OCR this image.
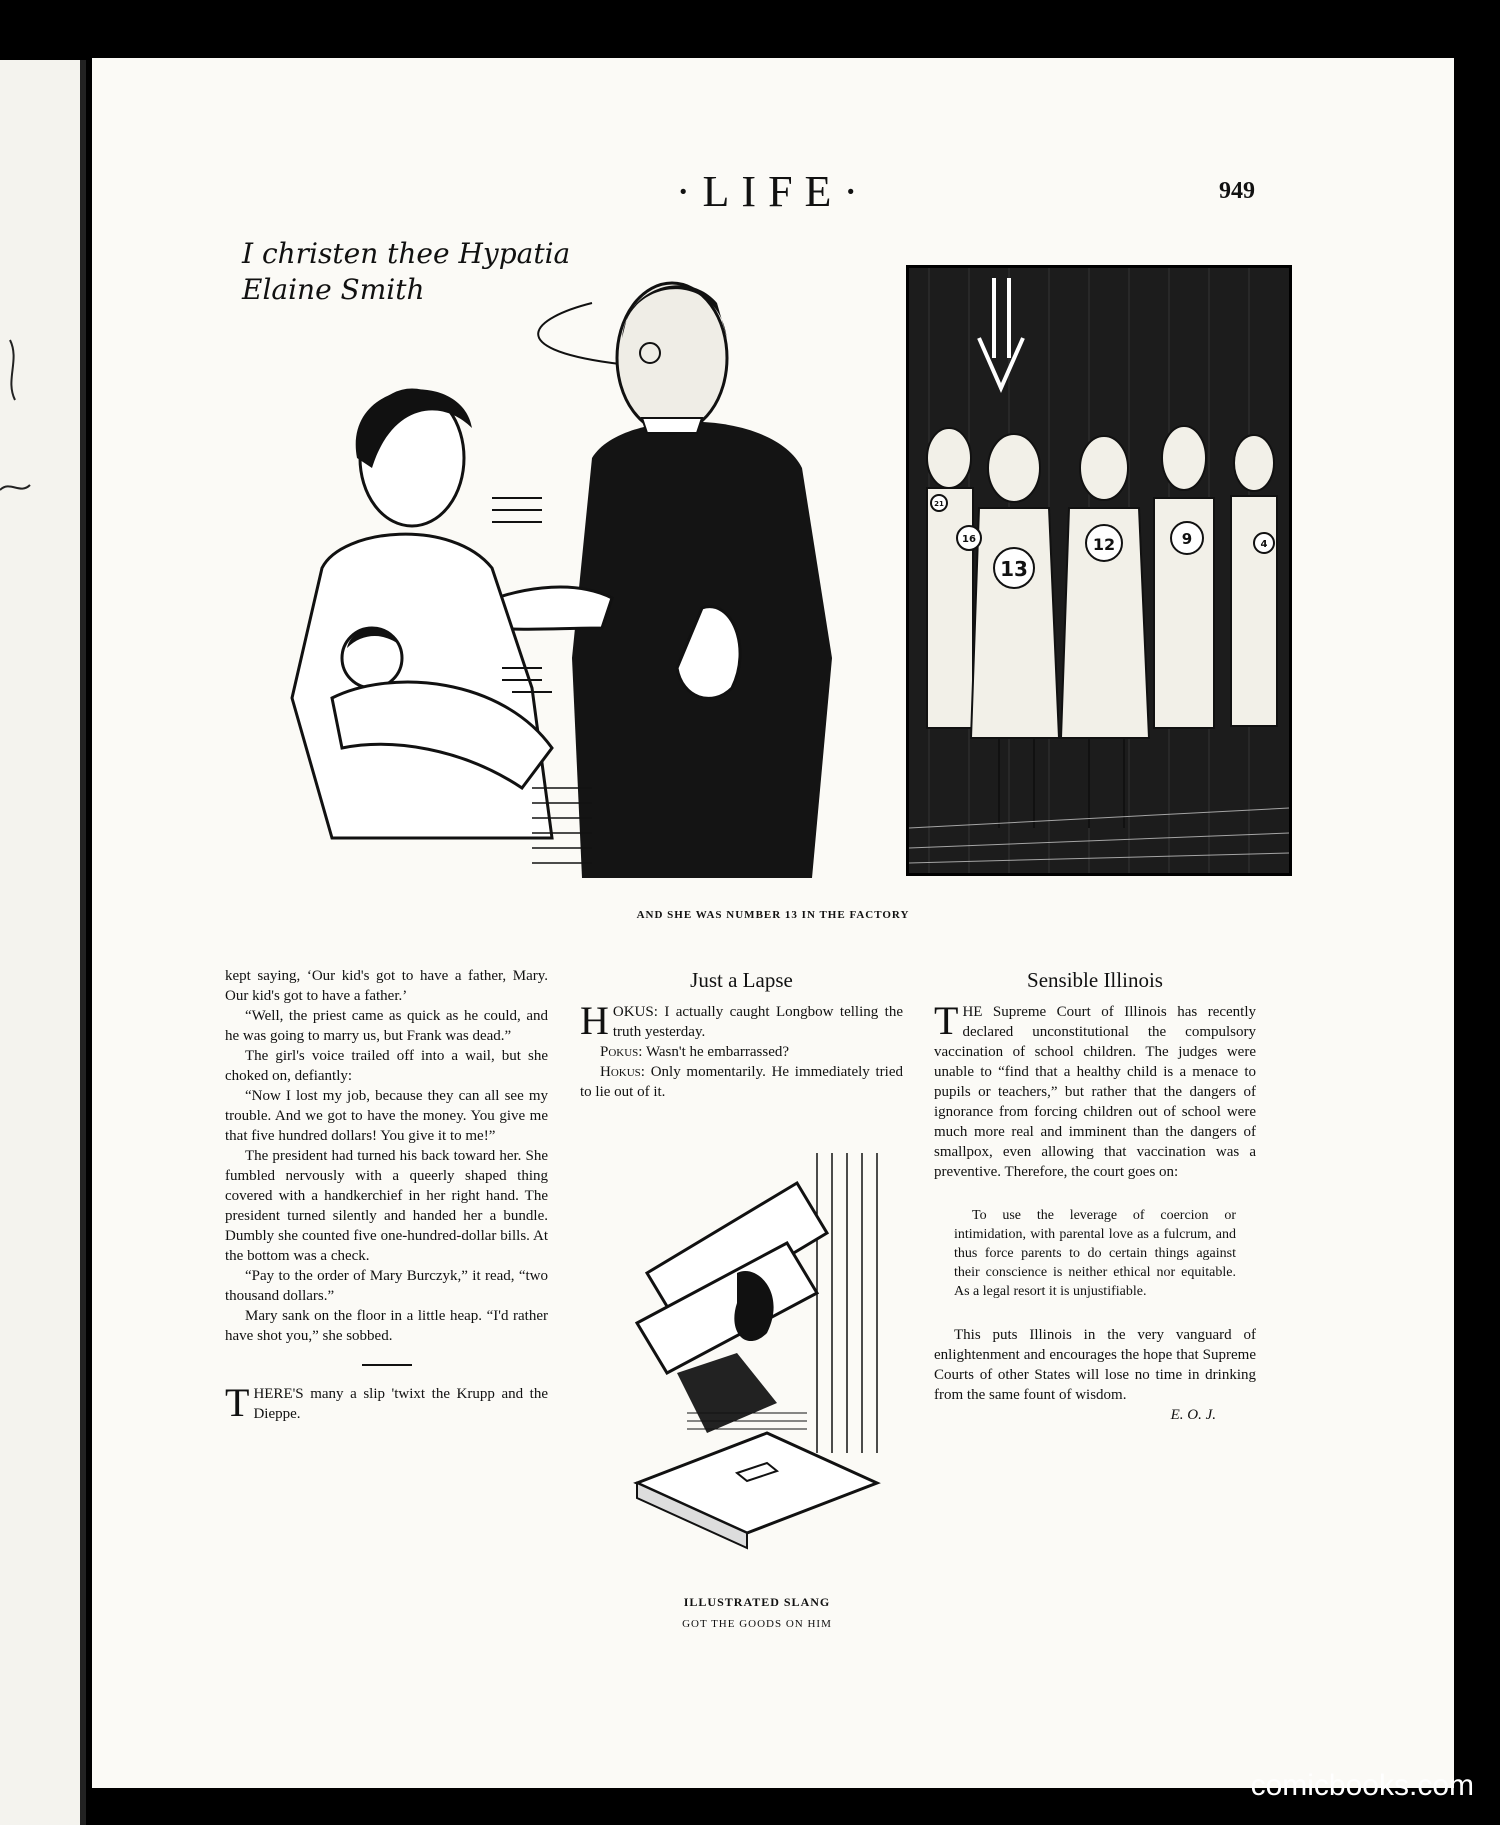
·LIFE·	949
I christen thee Hypatia Elaine Smith
13
12	9
16	4
21
AND SHE WAS NUMBER 13 IN THE FACTORY

kept saying, ‘Our kid's got to have a father, Mary. Our kid's got to have a father.’

“Well, the priest came as quick as he could, and he was going to marry us, but Frank was dead.”

The girl's voice trailed off into a wail, but she choked on, defiantly:

“Now I lost my job, because they can all see my trouble. And we got to have the money. You give me that five hundred dollars! You give it to me!”

The president had turned his back toward her. She fumbled nervously with a queerly shaped thing covered with a handkerchief in her right hand. The president turned silently and handed her a bundle. Dumbly she counted five one-hundred-dollar bills. At the bottom was a check.

“Pay to the order of Mary Burczyk,” it read, “two thousand dollars.”

Mary sank on the floor in a little heap. “I'd rather have shot you,” she sobbed.

THERE'S many a slip 'twixt the Krupp and the Dieppe.

Just a Lapse

HOKUS: I actually caught Longbow telling the truth yesterday.

Pokus: Wasn't he embarrassed?

Hokus: Only momentarily. He immediately tried to lie out of it.

ILLUSTRATED SLANG
GOT THE GOODS ON HIM
Sensible Illinois

THE Supreme Court of Illinois has recently declared unconstitutional the compulsory vaccination of school children. The judges were unable to “find that a healthy child is a menace to pupils or teachers,” but rather that the dangers of ignorance from forcing children out of school were much more real and imminent than the dangers of smallpox, even allowing that vaccination was a preventive. Therefore, the court goes on:

To use the leverage of coercion or intimidation, with parental love as a fulcrum, and thus force parents to do certain things against their conscience is neither ethical nor equitable. As a legal resort it is unjustifiable.

This puts Illinois in the very vanguard of enlightenment and encourages the hope that Supreme Courts of other States will lose no time in drinking from the same fount of wisdom.

E. O. J.
comicbooks.com
